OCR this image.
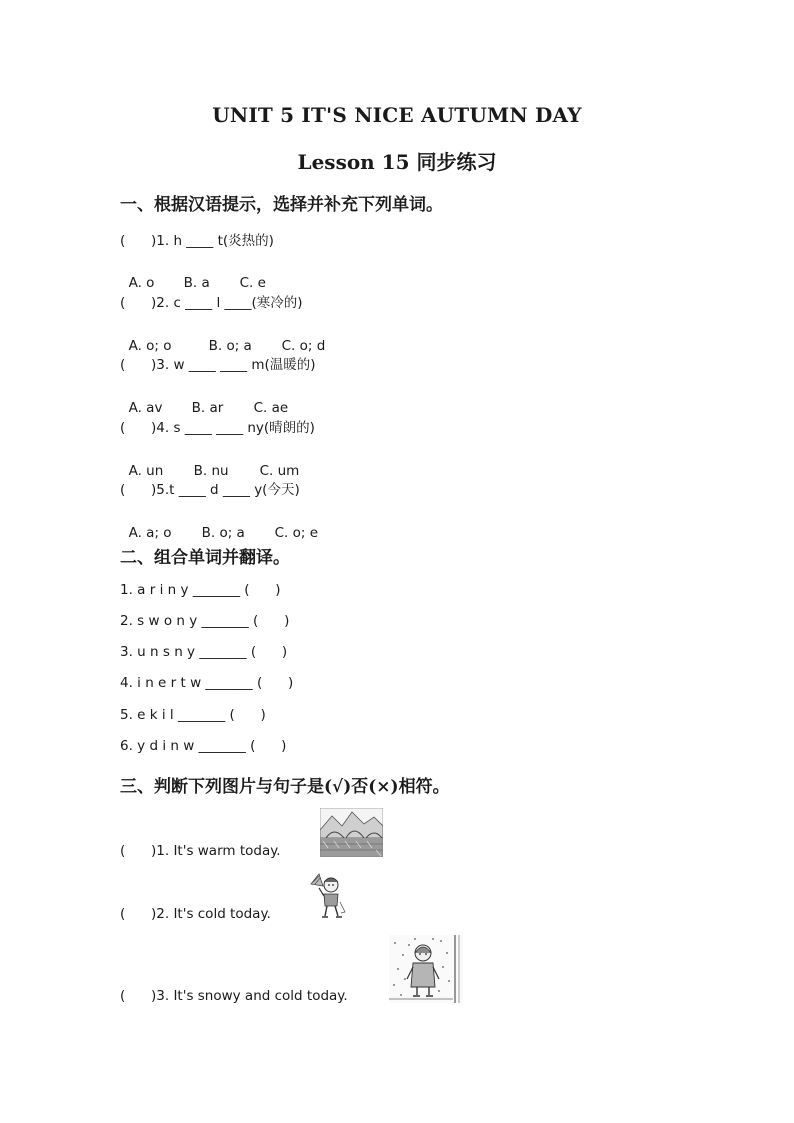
UNIT 5 IT'S NICE AUTUMN DAY
Lesson 15 同步练习
一、根据汉语提示，选择并补充下列单词。
(      )1. h ____ t(炎热的)

A. o B. a C. e

(      )2. c ____ l ____(寒冷的)

A. o; o	B. o; a C. o; d

(      )3. w ____ ____ m(温暖的)

A. av B. ar C. ae

(      )4. s ____ ____ ny(晴朗的)

A. un B. nu C. um

(      )5.t ____ d ____ y(今天)

A. a; o B. o; a C. o; e

二、组合单词并翻译。
1. a r i n y _______ (      )
2. s w o n y _______ (      )
3. u n s n y _______ (      )
4. i n e r t w _______ (      )
5. e k i l _______ (      )
6. y d i n w _______ (      )
三、判断下列图片与句子是(√)否(×)相符。
(      )1. It's warm today.
(      )2. It's cold today.
(      )3. It's snowy and cold today.
